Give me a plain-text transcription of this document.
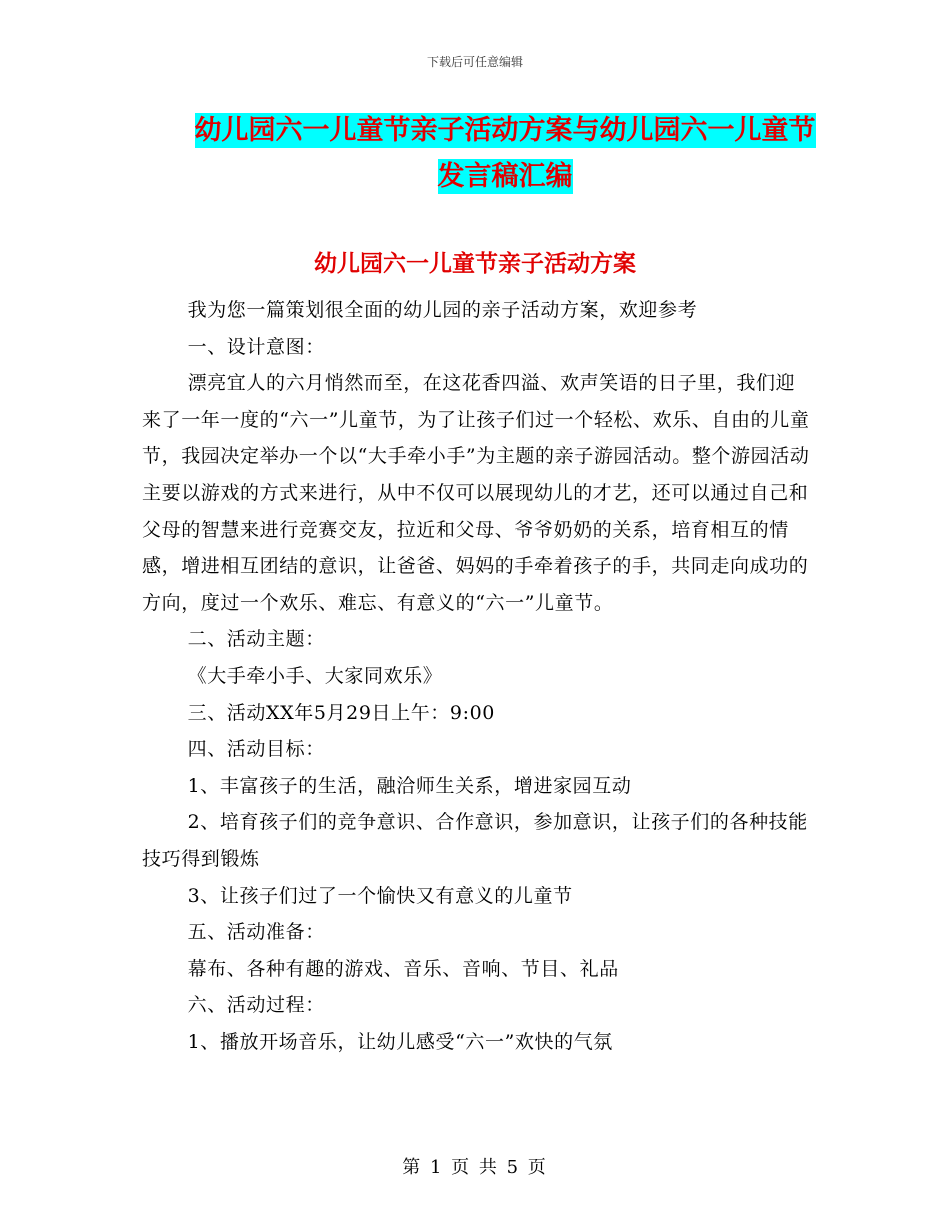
下载后可任意编辑
幼儿园六一儿童节亲子活动方案与幼儿园六一儿童节
发言稿汇编
幼儿园六一儿童节亲子活动方案

我为您一篇策划很全面的幼儿园的亲子活动方案，欢迎参考

一、设计意图：

漂亮宜人的六月悄然而至，在这花香四溢、欢声笑语的日子里，我们迎来了一年一度的“六一”儿童节，为了让孩子们过一个轻松、欢乐、自由的儿童节，我园决定举办一个以“大手牵小手”为主题的亲子游园活动。整个游园活动主要以游戏的方式来进行，从中不仅可以展现幼儿的才艺，还可以通过自己和父母的智慧来进行竞赛交友，拉近和父母、爷爷奶奶的关系，培育相互的情感，增进相互团结的意识，让爸爸、妈妈的手牵着孩子的手，共同走向成功的方向，度过一个欢乐、难忘、有意义的“六一”儿童节。

二、活动主题：

《大手牵小手、大家同欢乐》

三、活动XX年5月29日上午：9:00

四、活动目标：

1、丰富孩子的生活，融洽师生关系，增进家园互动

2、培育孩子们的竞争意识、合作意识，参加意识，让孩子们的各种技能技巧得到锻炼

3、让孩子们过了一个愉快又有意义的儿童节

五、活动准备：

幕布、各种有趣的游戏、音乐、音响、节目、礼品

六、活动过程：

1、播放开场音乐，让幼儿感受“六一”欢快的气氛

第 1 页 共 5 页
